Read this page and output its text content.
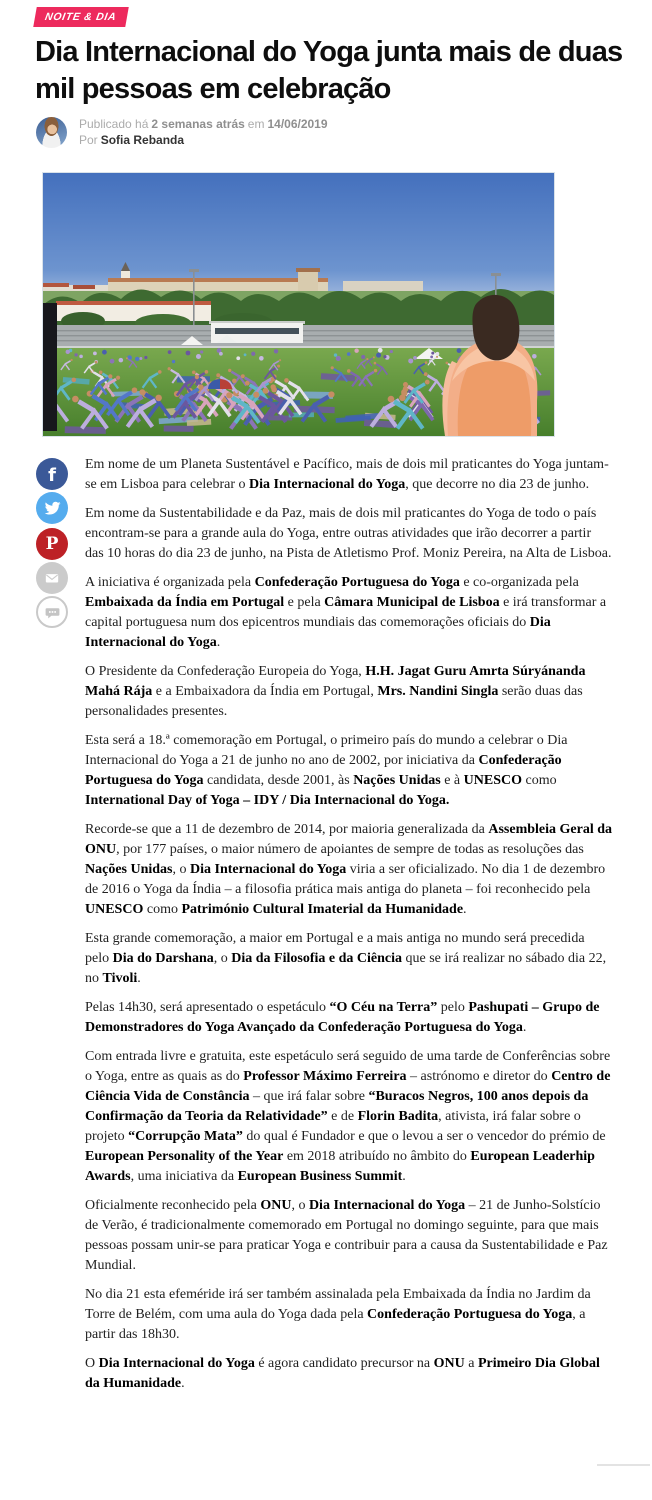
NOITE & DIA
Dia Internacional do Yoga junta mais de duas mil pessoas em celebração
Publicado há 2 semanas atrás em 14/06/2019
Por Sofia Rebanda
f
P

Em nome de um Planeta Sustentável e Pacífico, mais de dois mil praticantes do Yoga juntam-se em Lisboa para celebrar o Dia Internacional do Yoga, que decorre no dia 23 de junho.

Em nome da Sustentabilidade e da Paz, mais de dois mil praticantes do Yoga de todo o país encontram-se para a grande aula do Yoga, entre outras atividades que irão decorrer a partir das 10 horas do dia 23 de junho, na Pista de Atletismo Prof. Moniz Pereira, na Alta de Lisboa.

A iniciativa é organizada pela Confederação Portuguesa do Yoga e co-organizada pela Embaixada da Índia em Portugal e pela Câmara Municipal de Lisboa e irá transformar a capital portuguesa num dos epicentros mundiais das comemorações oficiais do Dia Internacional do Yoga.

O Presidente da Confederação Europeia do Yoga, H.H. Jagat Guru Amrta Súryánanda Mahá Rája e a Embaixadora da Índia em Portugal, Mrs. Nandini Singla serão duas das personalidades presentes.

Esta será a 18.ª comemoração em Portugal, o primeiro país do mundo a celebrar o Dia Internacional do Yoga a 21 de junho no ano de 2002, por iniciativa da Confederação Portuguesa do Yoga candidata, desde 2001, às Nações Unidas e à UNESCO como International Day of Yoga – IDY / Dia Internacional do Yoga.

Recorde-se que a 11 de dezembro de 2014, por maioria generalizada da Assembleia Geral da ONU, por 177 países, o maior número de apoiantes de sempre de todas as resoluções das Nações Unidas, o Dia Internacional do Yoga viria a ser oficializado. No dia 1 de dezembro de 2016 o Yoga da Índia – a filosofia prática mais antiga do planeta – foi reconhecido pela UNESCO como Património Cultural Imaterial da Humanidade.

Esta grande comemoração, a maior em Portugal e a mais antiga no mundo será precedida pelo Dia do Darshana, o Dia da Filosofia e da Ciência que se irá realizar no sábado dia 22, no Tivoli.

Pelas 14h30, será apresentado o espetáculo “O Céu na Terra” pelo Pashupati – Grupo de Demonstradores do Yoga Avançado da Confederação Portuguesa do Yoga.

Com entrada livre e gratuita, este espetáculo será seguido de uma tarde de Conferências sobre o Yoga, entre as quais as do Professor Máximo Ferreira – astrónomo e diretor do Centro de Ciência Vida de Constância – que irá falar sobre “Buracos Negros, 100 anos depois da Confirmação da Teoria da Relatividade” e de Florin Badita, ativista, irá falar sobre o projeto “Corrupção Mata” do qual é Fundador e que o levou a ser o vencedor do prémio de European Personality of the Year em 2018 atribuído no âmbito do European Leaderhip Awards, uma iniciativa da European Business Summit.

Oficialmente reconhecido pela ONU, o Dia Internacional do Yoga – 21 de Junho-Solstício de Verão, é tradicionalmente comemorado em Portugal no domingo seguinte, para que mais pessoas possam unir-se para praticar Yoga e contribuir para a causa da Sustentabilidade e Paz Mundial.

No dia 21 esta efeméride irá ser também assinalada pela Embaixada da Índia no Jardim da Torre de Belém, com uma aula do Yoga dada pela Confederação Portuguesa do Yoga, a partir das 18h30.

O Dia Internacional do Yoga é agora candidato precursor na ONU a Primeiro Dia Global da Humanidade.
